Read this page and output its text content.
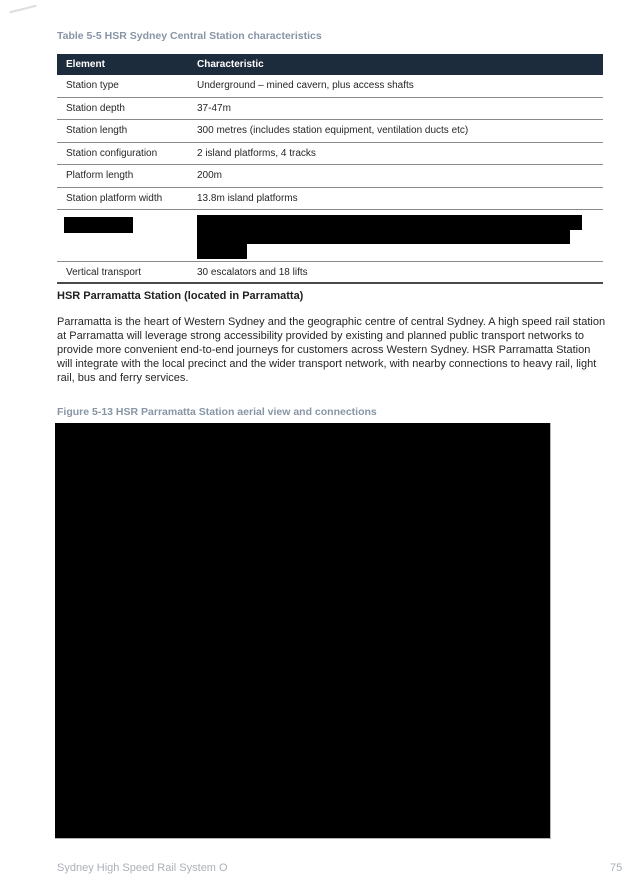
Table 5-5 HSR Sydney Central Station characteristics
Element	Characteristic
Station type	Underground – mined cavern, plus access shafts
Station depth	37-47m
Station length	300 metres (includes station equipment, ventilation ducts etc)
Station configuration	2 island platforms, 4 tracks
Platform length	200m
Station platform width	13.8m island platforms

Vertical transport	30 escalators and 18 lifts
HSR Parramatta Station (located in Parramatta)
Parramatta is the heart of Western Sydney and the geographic centre of central Sydney. A high speed rail station at Parramatta will leverage strong accessibility provided by existing and planned public transport networks to provide more convenient end-to-end journeys for customers across Western Sydney. HSR Parramatta Station will integrate with the local precinct and the wider transport network, with nearby connections to heavy rail, light rail, bus and ferry services.
Figure 5-13 HSR Parramatta Station aerial view and connections
Sydney High Speed Rail System O	75
